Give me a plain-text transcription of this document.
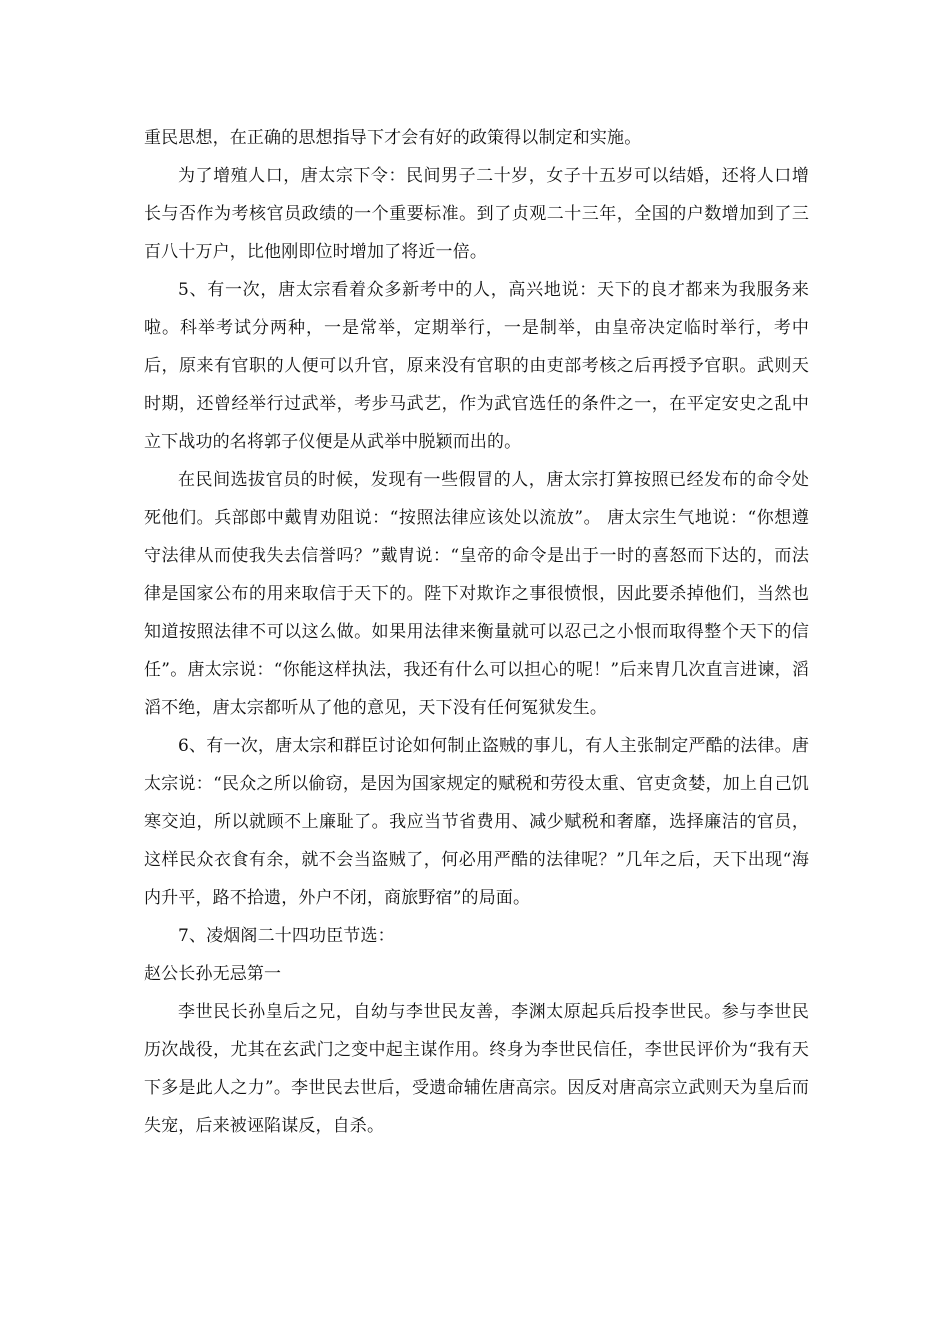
重民思想，在正确的思想指导下才会有好的政策得以制定和实施。

为了增殖人口，唐太宗下令：民间男子二十岁，女子十五岁可以结婚，还将人口增长与否作为考核官员政绩的一个重要标准。到了贞观二十三年，全国的户数增加到了三百八十万户，比他刚即位时增加了将近一倍。

5、有一次，唐太宗看着众多新考中的人，高兴地说：天下的良才都来为我服务来啦。科举考试分两种，一是常举，定期举行，一是制举，由皇帝决定临时举行，考中后，原来有官职的人便可以升官，原来没有官职的由吏部考核之后再授予官职。武则天时期，还曾经举行过武举，考步马武艺，作为武官选任的条件之一，在平定安史之乱中立下战功的名将郭子仪便是从武举中脱颖而出的。

在民间选拔官员的时候，发现有一些假冒的人，唐太宗打算按照已经发布的命令处死他们。兵部郎中戴胄劝阻说：“按照法律应该处以流放”。 唐太宗生气地说：“你想遵守法律从而使我失去信誉吗？”戴胄说：“皇帝的命令是出于一时的喜怒而下达的，而法律是国家公布的用来取信于天下的。陛下对欺诈之事很愤恨，因此要杀掉他们，当然也知道按照法律不可以这么做。如果用法律来衡量就可以忍己之小恨而取得整个天下的信任”。唐太宗说：“你能这样执法，我还有什么可以担心的呢！”后来胄几次直言进谏，滔滔不绝，唐太宗都听从了他的意见，天下没有任何冤狱发生。

6、有一次，唐太宗和群臣讨论如何制止盗贼的事儿，有人主张制定严酷的法律。唐太宗说：“民众之所以偷窃，是因为国家规定的赋税和劳役太重、官吏贪婪，加上自己饥寒交迫，所以就顾不上廉耻了。我应当节省费用、减少赋税和奢靡，选择廉洁的官员，这样民众衣食有余，就不会当盗贼了，何必用严酷的法律呢？”几年之后，天下出现“海内升平，路不拾遗，外户不闭，商旅野宿”的局面。

7、凌烟阁二十四功臣节选：

赵公长孙无忌第一

李世民长孙皇后之兄，自幼与李世民友善，李渊太原起兵后投李世民。参与李世民历次战役，尤其在玄武门之变中起主谋作用。终身为李世民信任，李世民评价为“我有天下多是此人之力”。李世民去世后，受遗命辅佐唐高宗。因反对唐高宗立武则天为皇后而失宠，后来被诬陷谋反，自杀。
